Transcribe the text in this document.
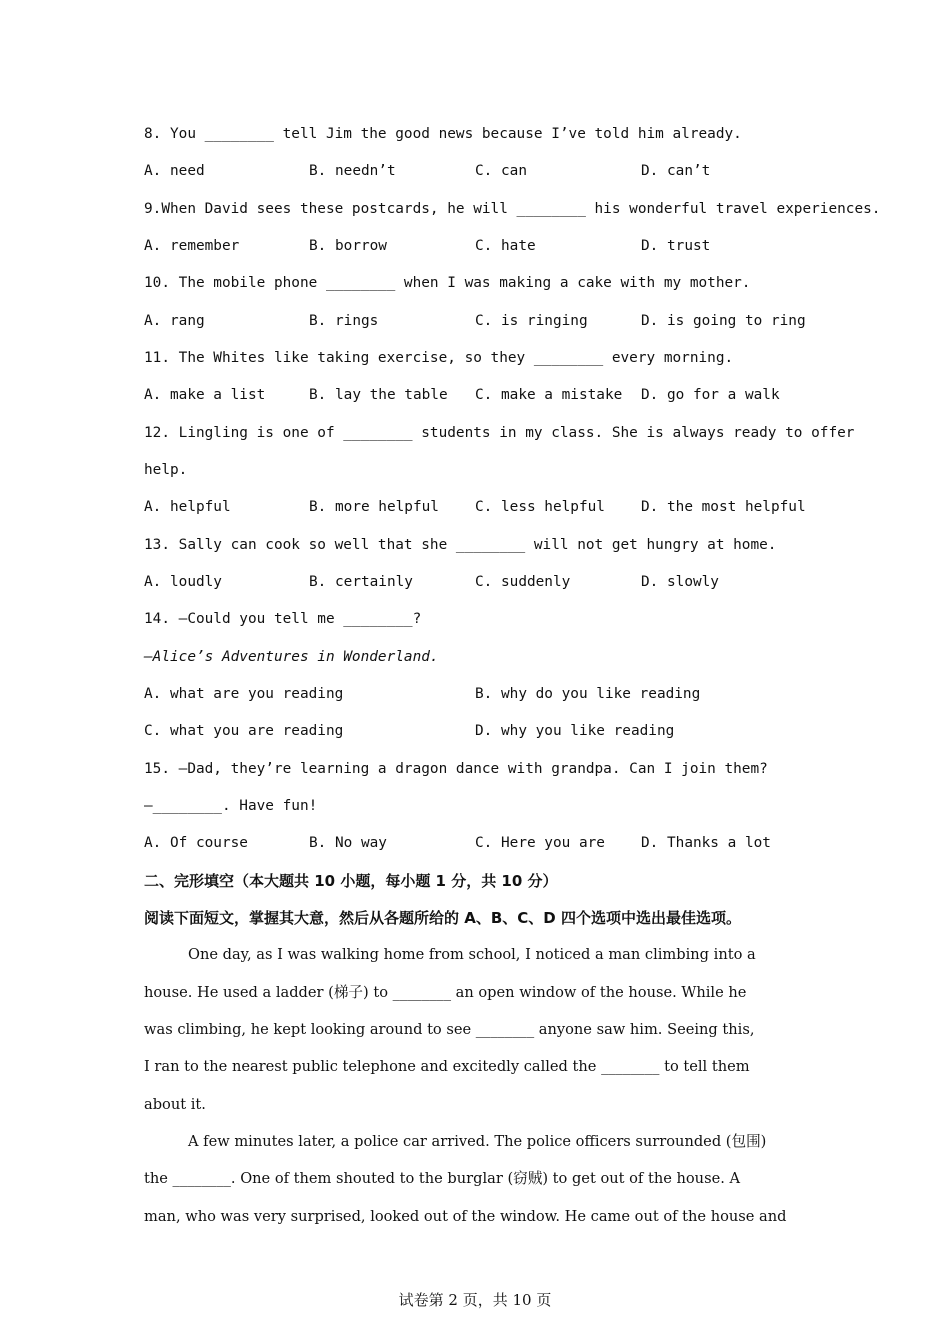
8. You ________ tell Jim the good news because I’ve told him already.
A. need	B. needn’t	C. can	D. can’t
9.When David sees these postcards, he will ________ his wonderful travel experiences.
A. remember	B. borrow	C. hate	D. trust
10. The mobile phone ________ when I was making a cake with my mother.
A. rang	B. rings	C. is ringing	D. is going to ring
11. The Whites like taking exercise, so they ________ every morning.
A. make a list	B. lay the table C. make a mistake D. go for a walk
12. Lingling is one of ________ students in my class. She is always ready to offer
help.
A. helpful	B. more helpful	C. less helpful	D. the most helpful
13. Sally can cook so well that she ________ will not get hungry at home.
A. loudly	B. certainly	C. suddenly	D. slowly
14. —Could you tell me ________?
—Alice’s Adventures in Wonderland.
A. what are you reading	B. why do you like reading
C. what you are reading	D. why you like reading
15. —Dad, they’re learning a dragon dance with grandpa. Can I join them?
—________. Have fun!
A. Of course	B. No way	C. Here you are	D. Thanks a lot
二、完形填空（本大题共 10 小题，每小题 1 分，共 10 分）
阅读下面短文，掌握其大意，然后从各题所给的 A、B、C、D 四个选项中选出最佳选项。
One day, as I was walking home from school, I noticed a man climbing into a
house. He used a ladder (梯子) to ________ an open window of the house. While he
was climbing, he kept looking around to see ________ anyone saw him. Seeing this,
I ran to the nearest public telephone and excitedly called the ________ to tell them
about it.
A few minutes later, a police car arrived. The police officers surrounded (包围)
the ________. One of them shouted to the burglar (窃贼) to get out of the house. A
man, who was very surprised, looked out of the window. He came out of the house and
试卷第 2 页，共 10 页
